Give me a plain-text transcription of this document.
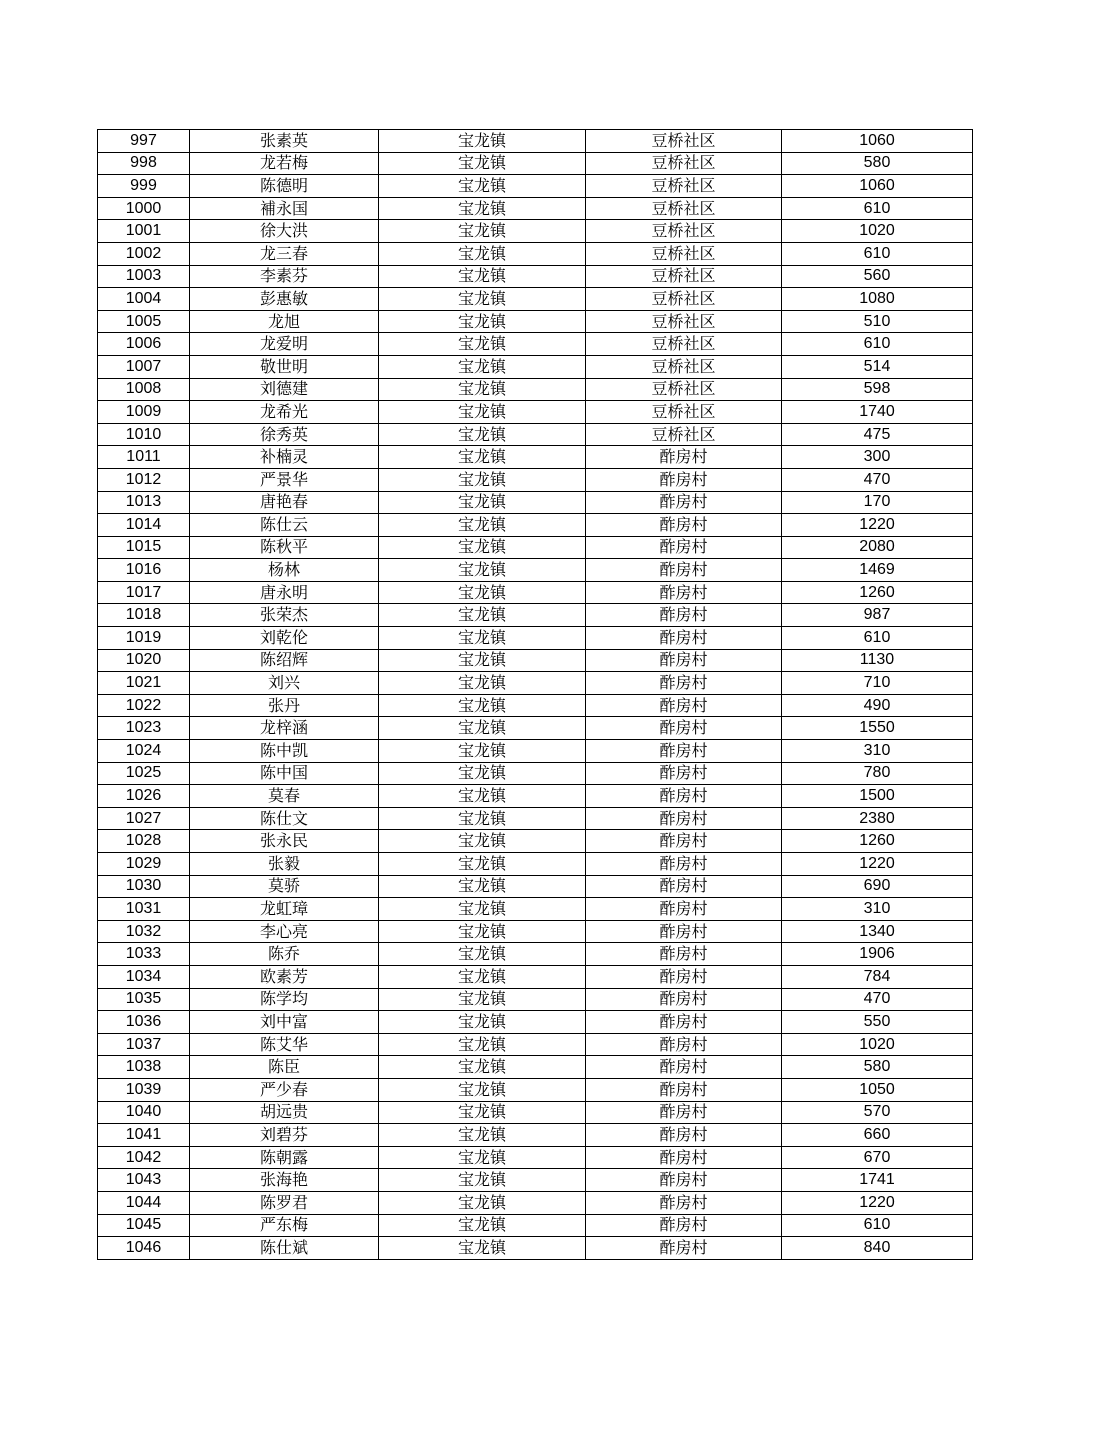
997	张素英	宝龙镇	豆桥社区	1060
998	龙若梅	宝龙镇	豆桥社区	580
999	陈德明	宝龙镇	豆桥社区	1060
1000	補永国	宝龙镇	豆桥社区	610
1001	徐大洪	宝龙镇	豆桥社区	1020
1002	龙三春	宝龙镇	豆桥社区	610
1003	李素芬	宝龙镇	豆桥社区	560
1004	彭惠敏	宝龙镇	豆桥社区	1080
1005	龙旭	宝龙镇	豆桥社区	510
1006	龙爱明	宝龙镇	豆桥社区	610
1007	敬世明	宝龙镇	豆桥社区	514
1008	刘德建	宝龙镇	豆桥社区	598
1009	龙希光	宝龙镇	豆桥社区	1740
1010	徐秀英	宝龙镇	豆桥社区	475
1011	补楠灵	宝龙镇	酢房村	300
1012	严景华	宝龙镇	酢房村	470
1013	唐艳春	宝龙镇	酢房村	170
1014	陈仕云	宝龙镇	酢房村	1220
1015	陈秋平	宝龙镇	酢房村	2080
1016	杨林	宝龙镇	酢房村	1469
1017	唐永明	宝龙镇	酢房村	1260
1018	张荣杰	宝龙镇	酢房村	987
1019	刘乾伦	宝龙镇	酢房村	610
1020	陈绍辉	宝龙镇	酢房村	1130
1021	刘兴	宝龙镇	酢房村	710
1022	张丹	宝龙镇	酢房村	490
1023	龙梓涵	宝龙镇	酢房村	1550
1024	陈中凯	宝龙镇	酢房村	310
1025	陈中国	宝龙镇	酢房村	780
1026	莫春	宝龙镇	酢房村	1500
1027	陈仕文	宝龙镇	酢房村	2380
1028	张永民	宝龙镇	酢房村	1260
1029	张毅	宝龙镇	酢房村	1220
1030	莫骄	宝龙镇	酢房村	690
1031	龙虹璋	宝龙镇	酢房村	310
1032	李心亮	宝龙镇	酢房村	1340
1033	陈乔	宝龙镇	酢房村	1906
1034	欧素芳	宝龙镇	酢房村	784
1035	陈学均	宝龙镇	酢房村	470
1036	刘中富	宝龙镇	酢房村	550
1037	陈艾华	宝龙镇	酢房村	1020
1038	陈臣	宝龙镇	酢房村	580
1039	严少春	宝龙镇	酢房村	1050
1040	胡远贵	宝龙镇	酢房村	570
1041	刘碧芬	宝龙镇	酢房村	660
1042	陈朝露	宝龙镇	酢房村	670
1043	张海艳	宝龙镇	酢房村	1741
1044	陈罗君	宝龙镇	酢房村	1220
1045	严东梅	宝龙镇	酢房村	610
1046	陈仕斌	宝龙镇	酢房村	840
